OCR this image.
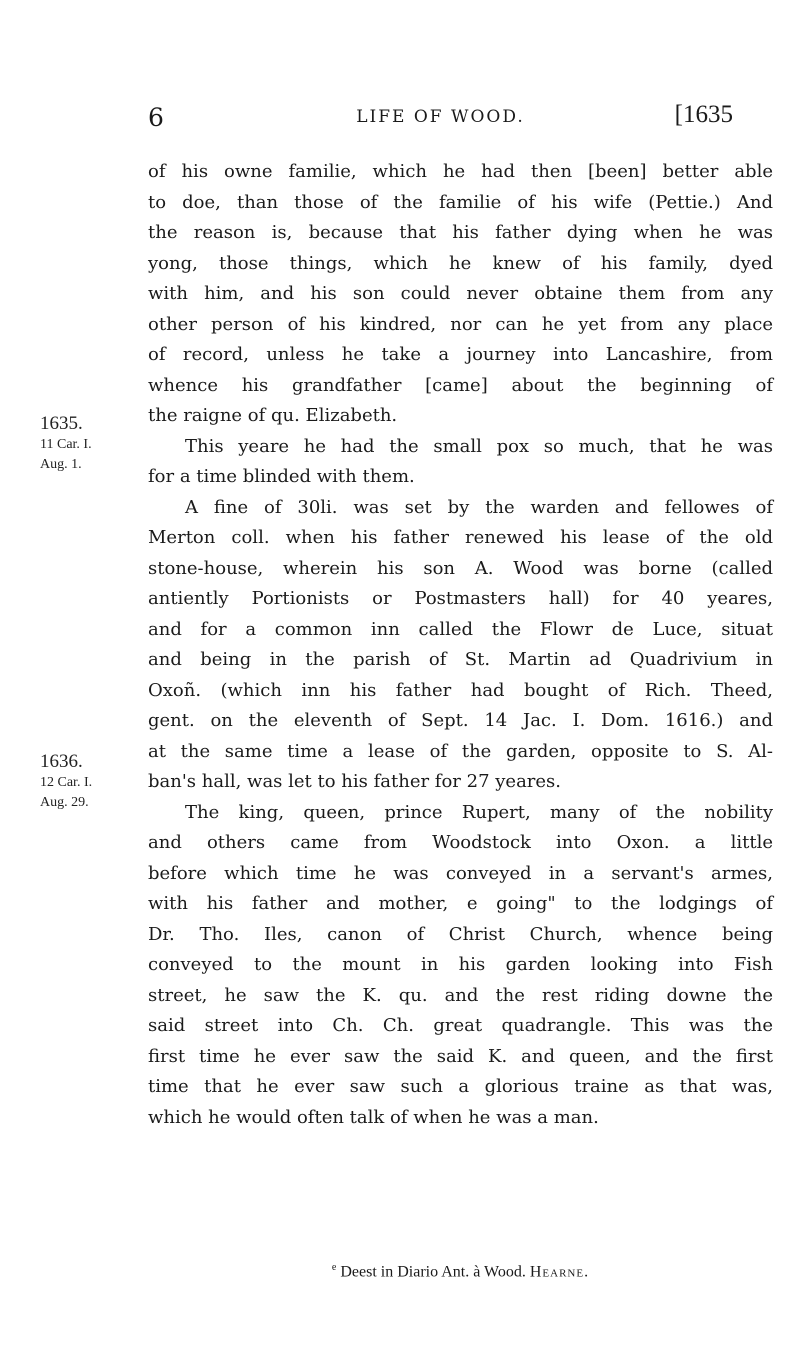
6	LIFE OF WOOD.	[1635
1635.
11 Car. I.
Aug. 1.
1636.
12 Car. I.
Aug. 29.
of his owne familie, which he had then [been] better able
to doe, than those of the familie of his wife (Pettie.) And
the reason is, because that his father dying when he was
yong, those things, which he knew of his family, dyed
with him, and his son could never obtaine them from any
other person of his kindred, nor can he yet from any place
of record, unless he take a journey into Lancashire, from
whence his grandfather [came] about the beginning of
the raigne of qu. Elizabeth.
This yeare he had the small pox so much, that he was
for a time blinded with them.
A fine of 30li. was set by the warden and fellowes of
Merton coll. when his father renewed his lease of the old
stone-house, wherein his son A. Wood was borne (called
antiently Portionists or Postmasters hall) for 40 yeares,
and for a common inn called the Flowr de Luce, situat
and being in the parish of St. Martin ad Quadrivium in
Oxoñ. (which inn his father had bought of Rich. Theed,
gent. on the eleventh of Sept. 14 Jac. I. Dom. 1616.) and
at the same time a lease of the garden, opposite to S. Al-
ban's hall, was let to his father for 27 yeares.
The king, queen, prince Rupert, many of the nobility
and others came from Woodstock into Oxon. a little
before which time he was conveyed in a servant's armes,
with his father and mother, e going" to the lodgings of
Dr. Tho. Iles, canon of Christ Church, whence being
conveyed to the mount in his garden looking into Fish
street, he saw the K. qu. and the rest riding downe the
said street into Ch. Ch. great quadrangle. This was the
first time he ever saw the said K. and queen, and the first
time that he ever saw such a glorious traine as that was,
which he would often talk of when he was a man.
$^e$ Deest in Diario Ant. à Wood. Hearne.
